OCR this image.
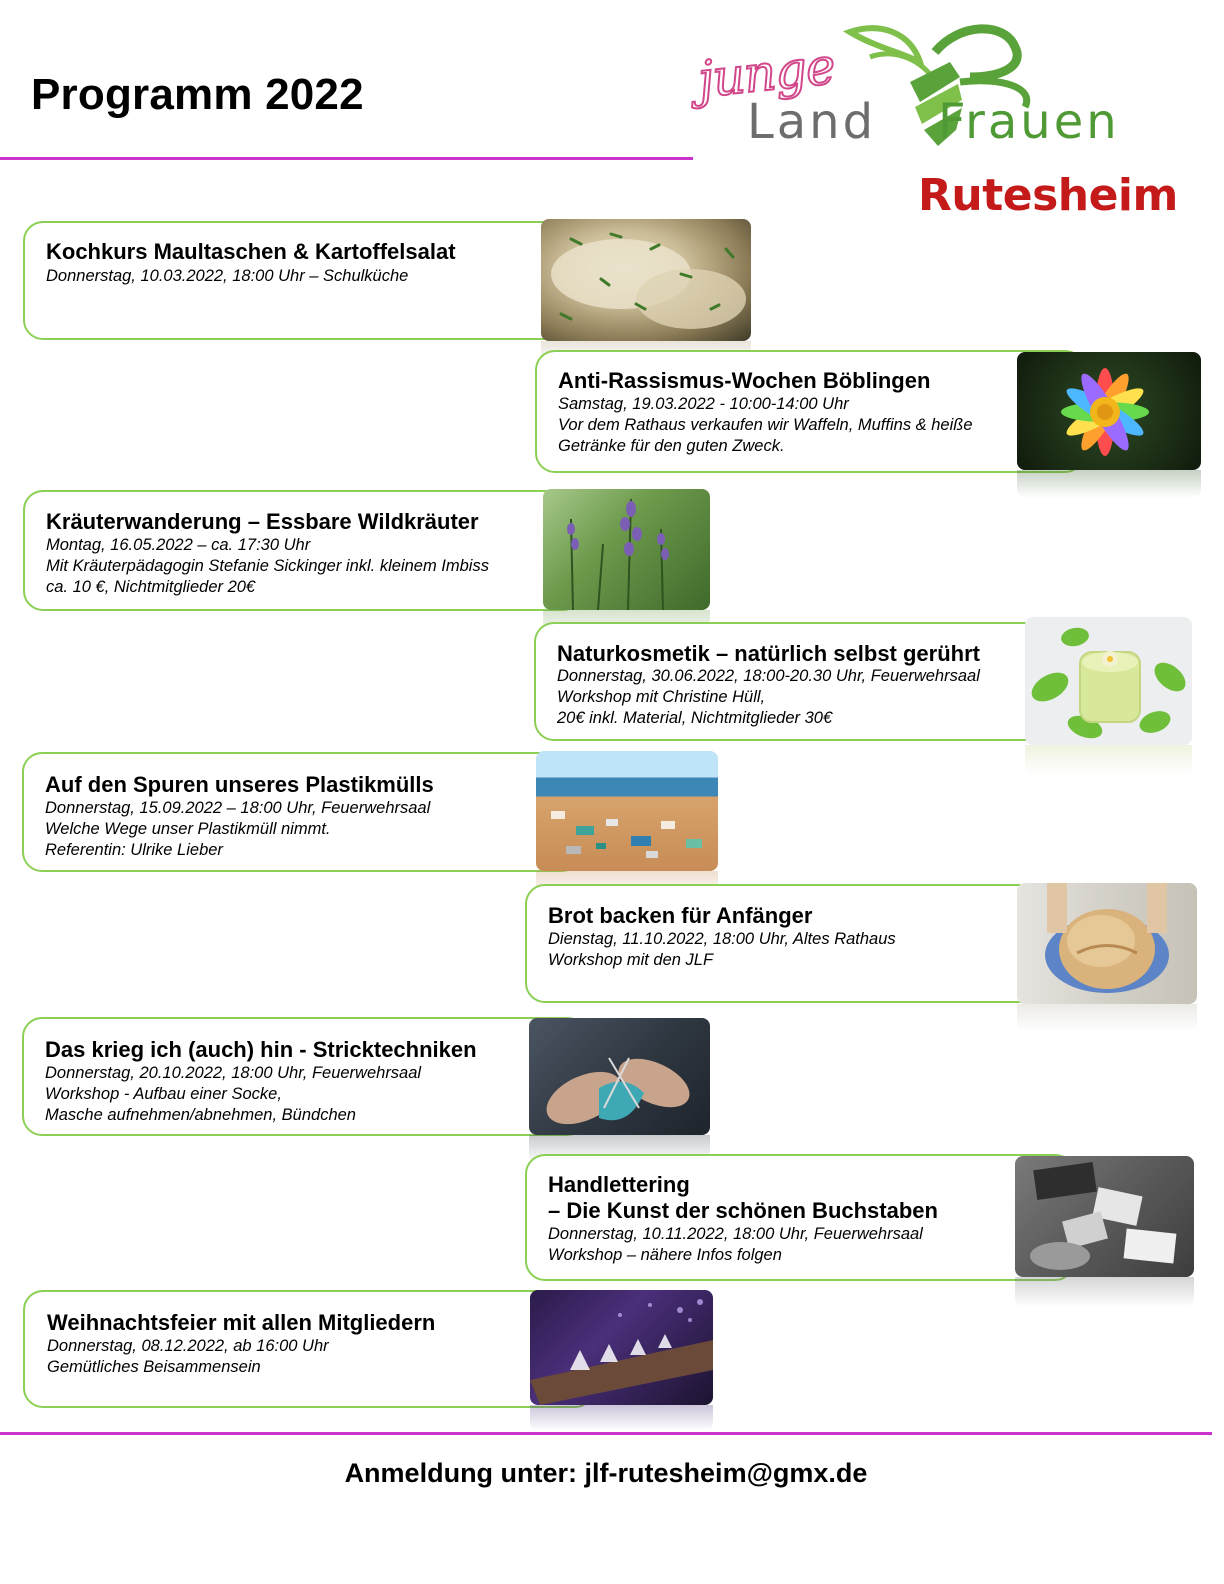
Programm 2022	junge
Land Frauen
Rutesheim
Kochkurs Maultaschen & Kartoffelsalat
Donnerstag, 10.03.2022, 18:00 Uhr – Schulküche
Anti-Rassismus-Wochen Böblingen
Samstag, 19.03.2022 - 10:00-14:00 Uhr
Vor dem Rathaus verkaufen wir Waffeln, Muffins & heiße
Getränke für den guten Zweck.
Kräuterwanderung – Essbare Wildkräuter
Montag, 16.05.2022 – ca. 17:30 Uhr
Mit Kräuterpädagogin Stefanie Sickinger inkl. kleinem Imbiss
ca. 10 €, Nichtmitglieder 20€
Naturkosmetik – natürlich selbst gerührt
Donnerstag, 30.06.2022, 18:00-20.30 Uhr, Feuerwehrsaal
Workshop mit Christine Hüll,
20€ inkl. Material, Nichtmitglieder 30€
Auf den Spuren unseres Plastikmülls
Donnerstag, 15.09.2022 – 18:00 Uhr, Feuerwehrsaal
Welche Wege unser Plastikmüll nimmt.
Referentin: Ulrike Lieber
Brot backen für Anfänger
Dienstag, 11.10.2022, 18:00 Uhr, Altes Rathaus
Workshop mit den JLF
Das krieg ich (auch) hin - Stricktechniken
Donnerstag, 20.10.2022, 18:00 Uhr, Feuerwehrsaal
Workshop - Aufbau einer Socke,
Masche aufnehmen/abnehmen, Bündchen
Handlettering
– Die Kunst der schönen Buchstaben
Donnerstag, 10.11.2022, 18:00 Uhr, Feuerwehrsaal
Workshop – nähere Infos folgen
Weihnachtsfeier mit allen Mitgliedern
Donnerstag, 08.12.2022, ab 16:00 Uhr
Gemütliches Beisammensein
Anmeldung unter: jlf-rutesheim@gmx.de
